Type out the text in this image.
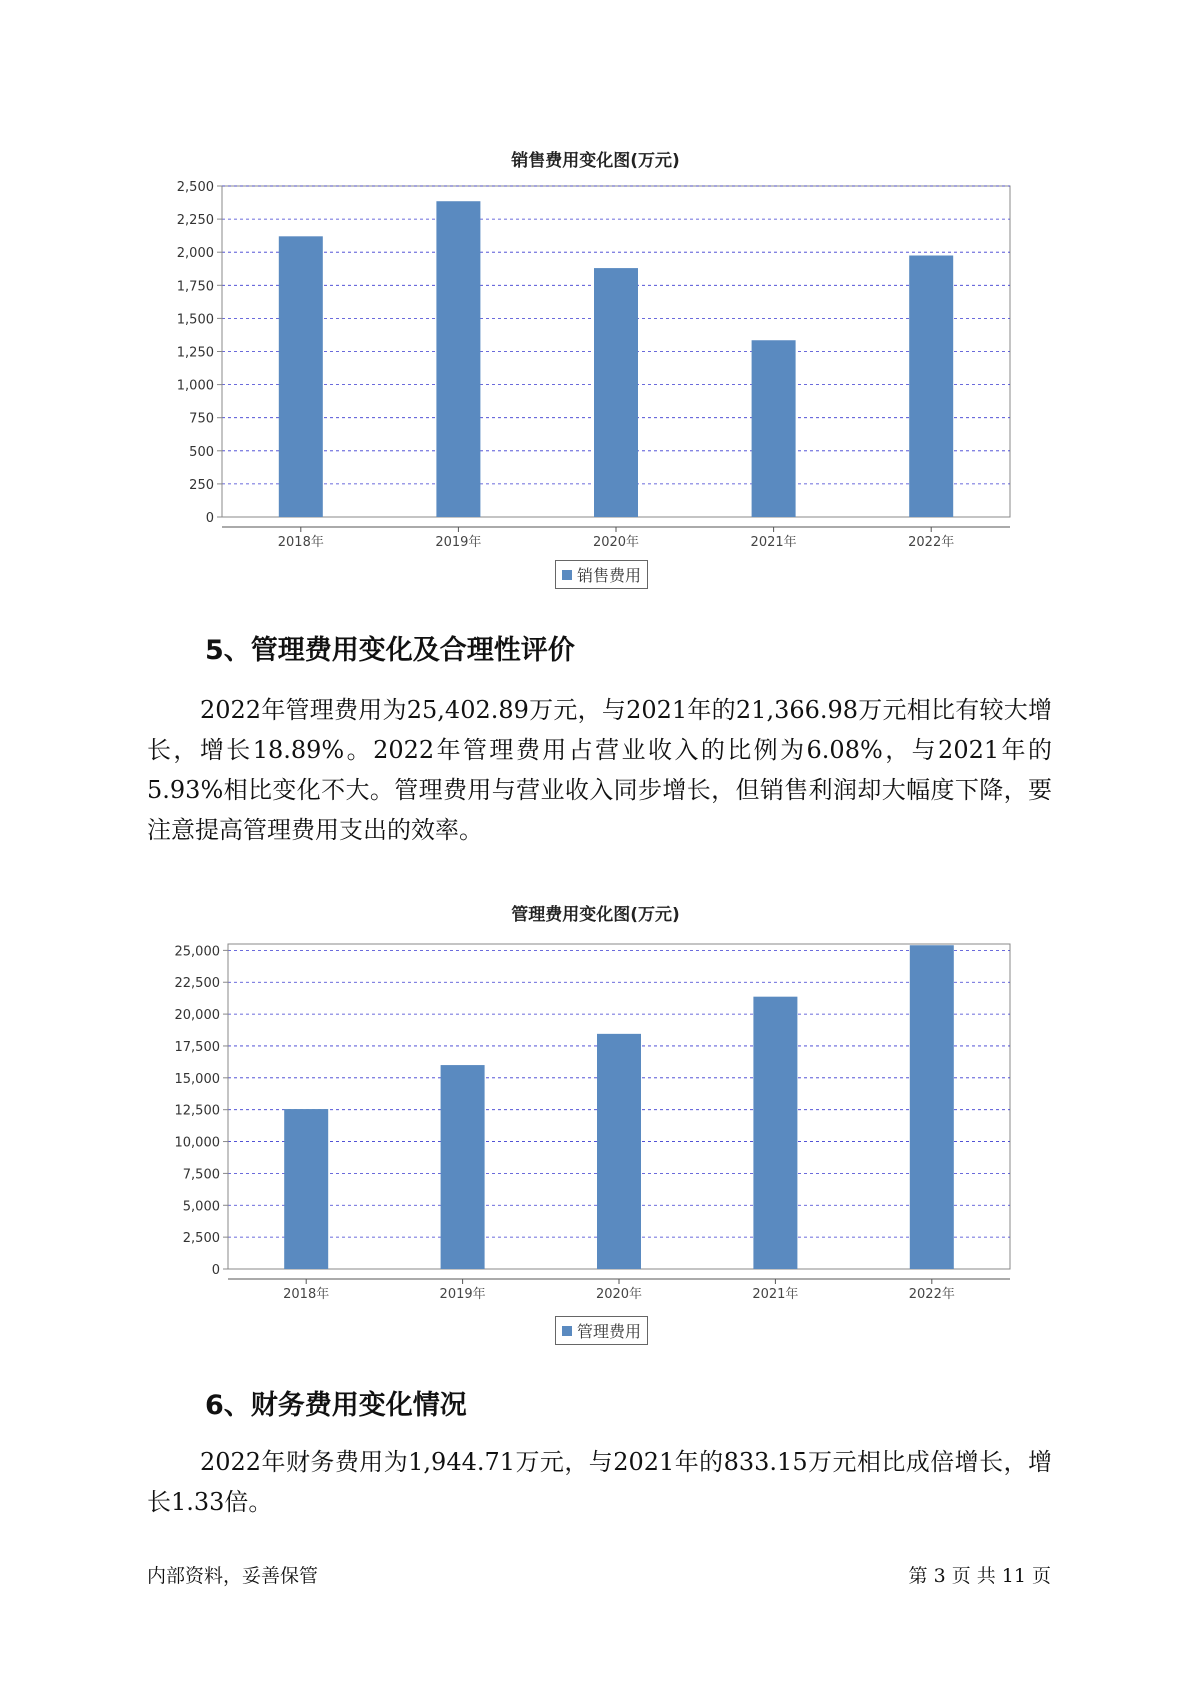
销售费用变化图(万元)
0
250
500
750
1,000
1,250
1,500
1,750
2,000
2,250
2,500
2018年	2019年	2020年	2021年	2022年
销售费用
5、管理费用变化及合理性评价

2022年管理费用为25,402.89万元，与2021年的21,366.98万元相比有较大增长，增长18.89%。2022年管理费用占营业收入的比例为6.08%，与2021年的5.93%相比变化不大。管理费用与营业收入同步增长，但销售利润却大幅度下降，要注意提高管理费用支出的效率。

管理费用变化图(万元)
0
2,500
5,000
7,500
10,000
12,500
15,000
17,500
20,000
22,500
25,000
2018年	2019年	2020年	2021年	2022年
管理费用
6、财务费用变化情况

2022年财务费用为1,944.71万元，与2021年的833.15万元相比成倍增长，增长1.33倍。

内部资料，妥善保管	第 3 页 共 11 页
